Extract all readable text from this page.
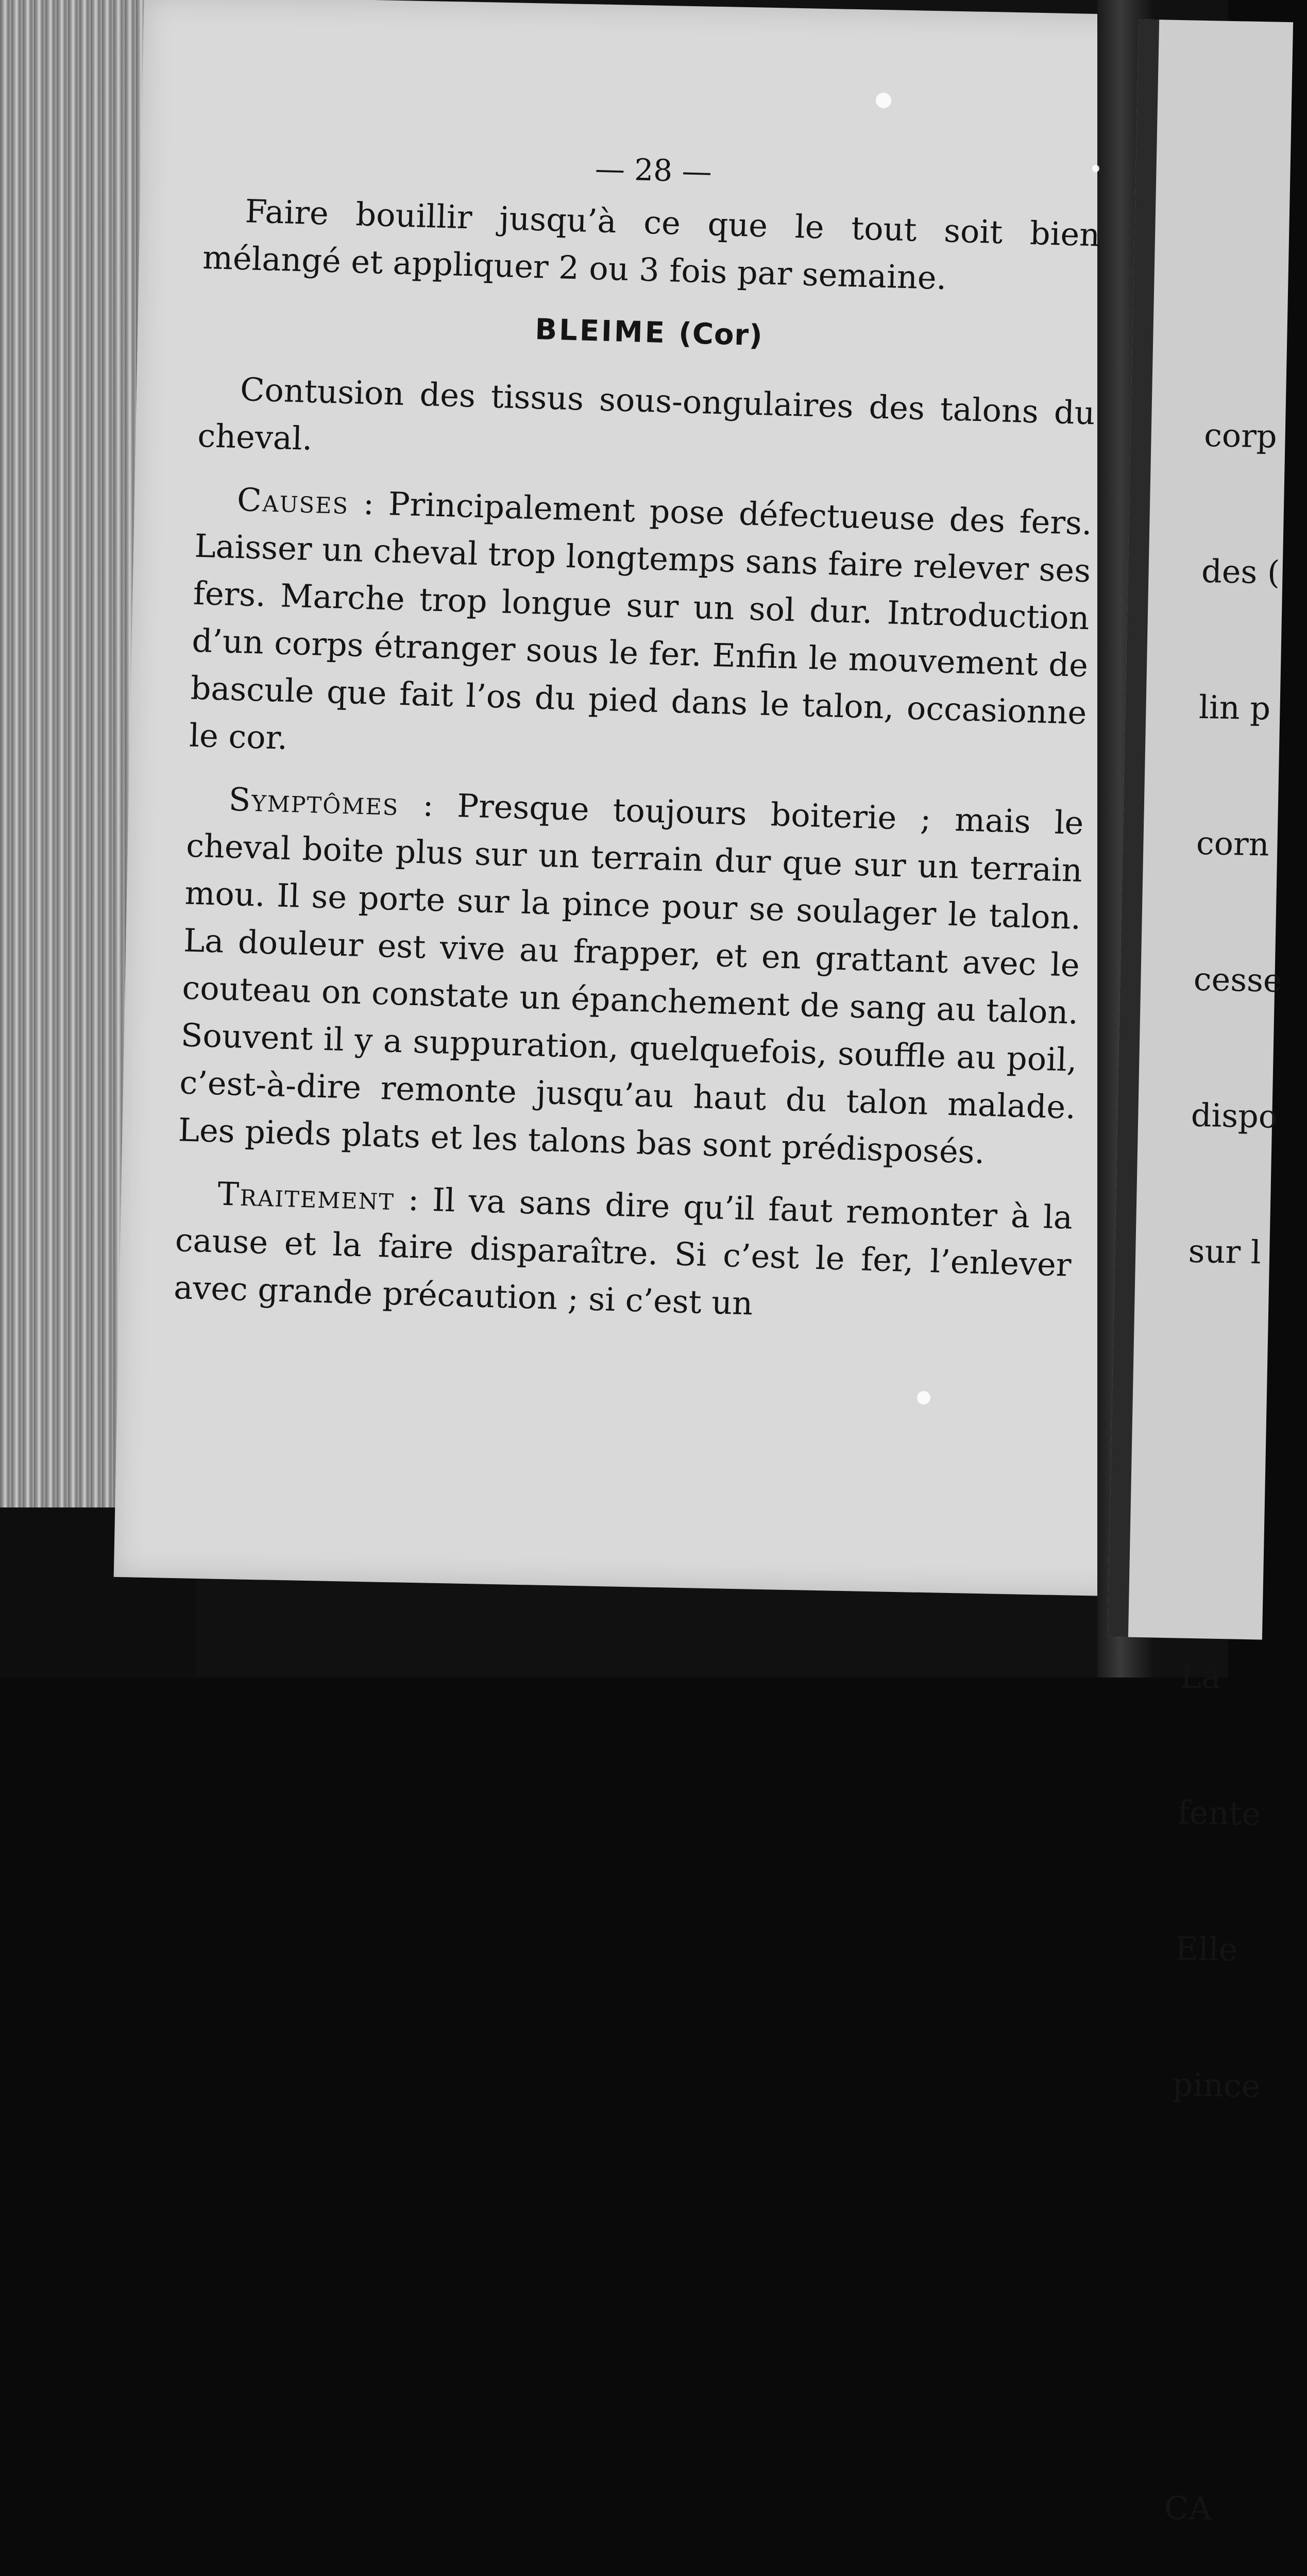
— 28 —

Faire bouillir jusqu’à ce que le tout soit bien mélangé et appliquer 2 ou 3 fois par semaine.

BLEIME (Cor)

Contusion des tissus sous-ongulaires des talons du cheval.

Causes : Principalement pose défectueuse des fers. Laisser un cheval trop longtemps sans faire relever ses fers. Marche trop longue sur un sol dur. Introduction d’un corps étranger sous le fer. Enfin le mouvement de bascule que fait l’os du pied dans le talon, occasionne le cor.

Symptômes : Presque toujours boiterie ; mais le cheval boite plus sur un terrain dur que sur un terrain mou. Il se porte sur la pince pour se soulager le talon. La douleur est vive au frapper, et en grattant avec le couteau on constate un épanchement de sang au talon. Souvent il y a suppuration, quelquefois, souffle au poil, c’est-à-dire remonte jusqu’au haut du talon malade. Les pieds plats et les talons bas sont prédisposés.

Traitement : Il va sans dire qu’il faut remonter à la cause et la faire disparaître. Si c’est le fer, l’enlever avec grande précaution ; si c’est un

corp

des (

lin p

corn

cesse

dispo

sur l

La

fente

Elle

pince

CA
